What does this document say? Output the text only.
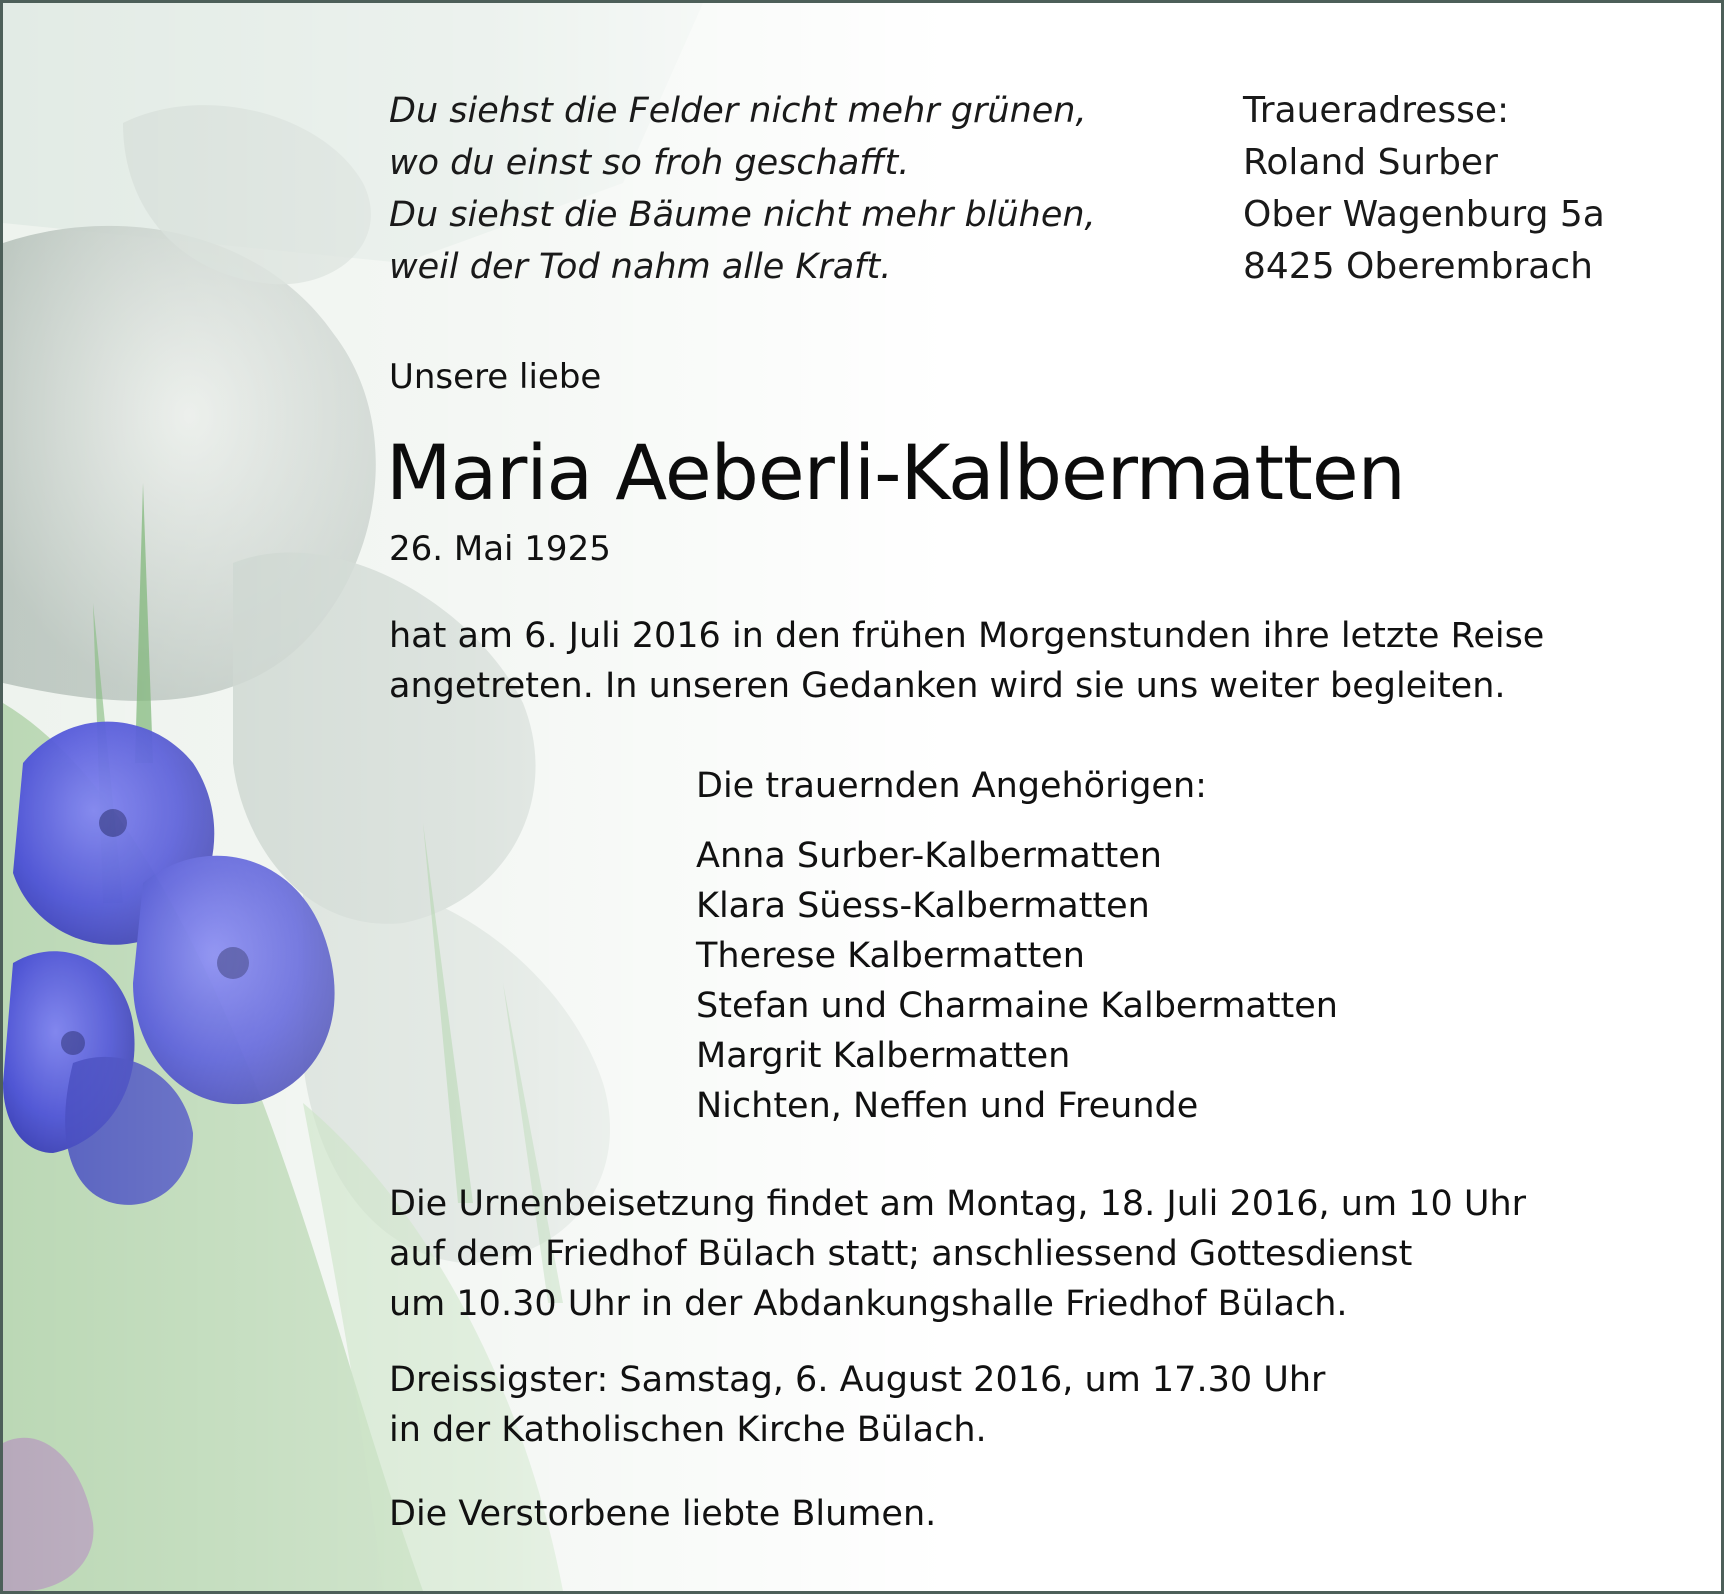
Du siehst die Felder nicht mehr grünen,
wo du einst so froh geschafft.
Du siehst die Bäume nicht mehr blühen,
weil der Tod nahm alle Kraft.
Traueradresse:
Roland Surber
Ober Wagenburg 5a
8425 Oberembrach
Unsere liebe
Maria Aeberli-Kalbermatten
26. Mai 1925
hat am 6. Juli 2016 in den frühen Morgenstunden ihre letzte Reise
angetreten. In unseren Gedanken wird sie uns weiter begleiten.
Die trauernden Angehörigen:
Anna Surber-Kalbermatten
Klara Süess-Kalbermatten
Therese Kalbermatten
Stefan und Charmaine Kalbermatten
Margrit Kalbermatten
Nichten, Neffen und Freunde
Die Urnenbeisetzung findet am Montag, 18. Juli 2016, um 10 Uhr
auf dem Friedhof Bülach statt; anschliessend Gottesdienst
um 10.30 Uhr in der Abdankungshalle Friedhof Bülach.
Dreissigster: Samstag, 6. August 2016, um 17.30 Uhr
in der Katholischen Kirche Bülach.
Die Verstorbene liebte Blumen.
